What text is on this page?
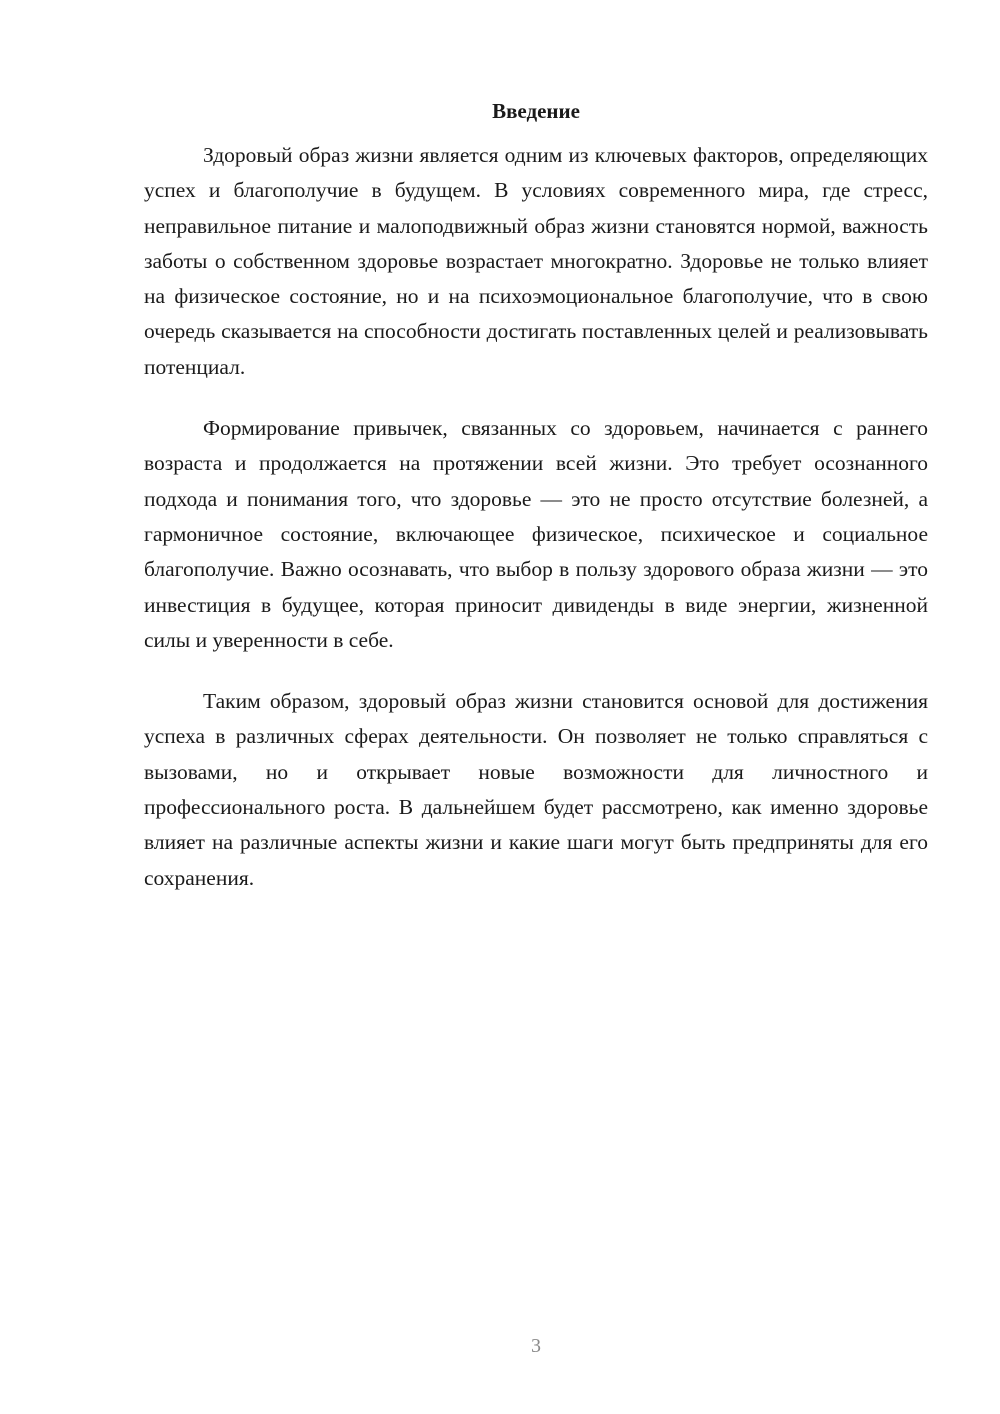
Введение

Здоровый образ жизни является одним из ключевых факторов, определяющих успех и благополучие в будущем. В условиях современного мира, где стресс, неправильное питание и малоподвижный образ жизни становятся нормой, важность заботы о собственном здоровье возрастает многократно. Здоровье не только влияет на физическое состояние, но и на психоэмоциональное благополучие, что в свою очередь сказывается на способности достигать поставленных целей и реализовывать потенциал.

Формирование привычек, связанных со здоровьем, начинается с раннего возраста и продолжается на протяжении всей жизни. Это требует осознанного подхода и понимания того, что здоровье — это не просто отсутствие болезней, а гармоничное состояние, включающее физическое, психическое и социальное благополучие. Важно осознавать, что выбор в пользу здорового образа жизни — это инвестиция в будущее, которая приносит дивиденды в виде энергии, жизненной силы и уверенности в себе.

Таким образом, здоровый образ жизни становится основой для достижения успеха в различных сферах деятельности. Он позволяет не только справляться с вызовами, но и открывает новые возможности для личностного и профессионального роста. В дальнейшем будет рассмотрено, как именно здоровье влияет на различные аспекты жизни и какие шаги могут быть предприняты для его сохранения.

3
